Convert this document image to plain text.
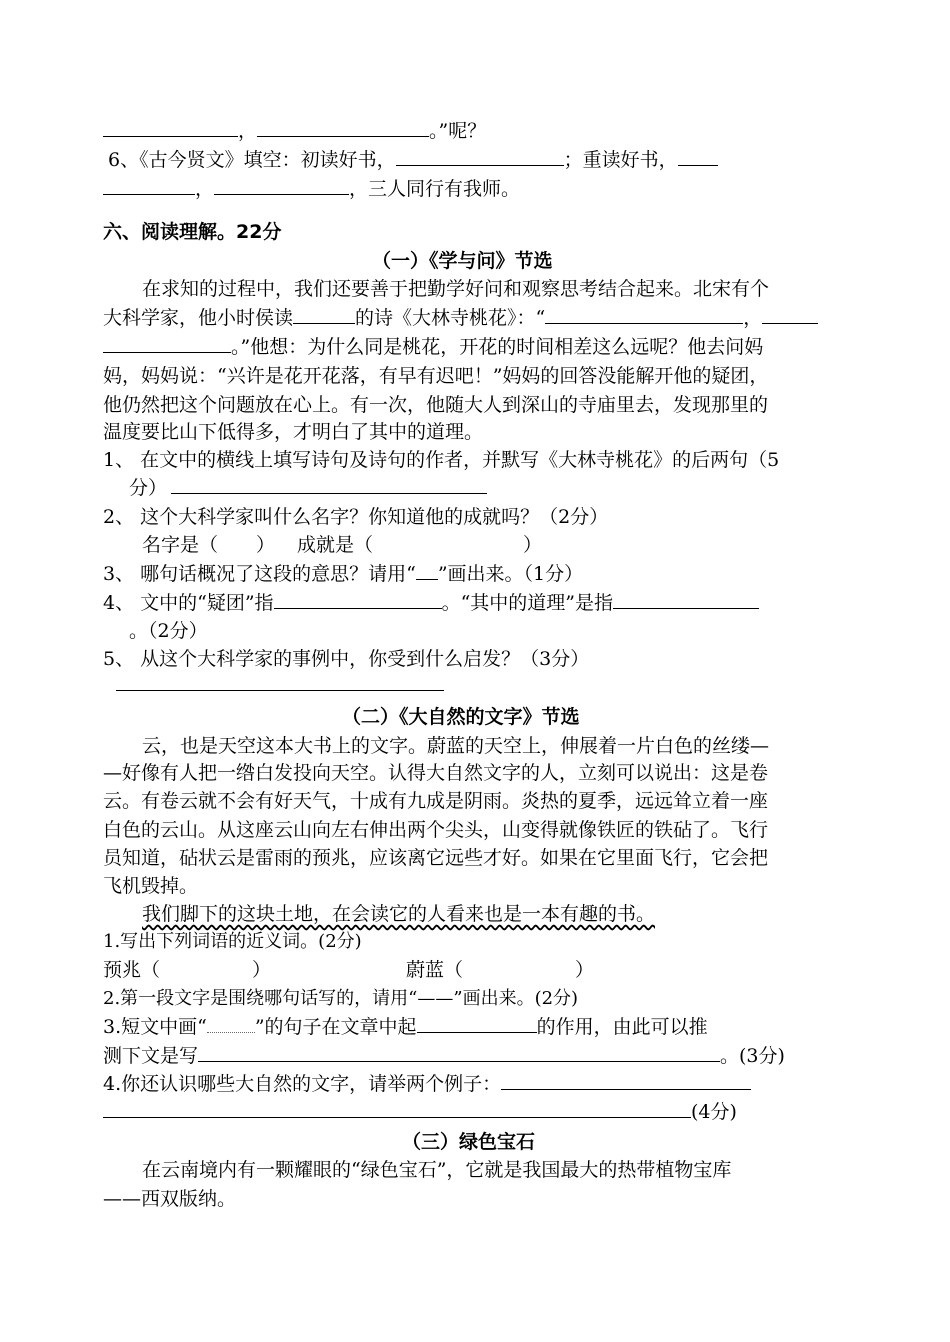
，	。”呢？
6、《古今贤文》填空：初读好书，	；重读好书，
，	，三人同行有我师。
六、阅读理解。22分
（一）《学与问》节选
在求知的过程中，我们还要善于把勤学好问和观察思考结合起来。北宋有个
大科学家，他小时侯读	的诗《大林寺桃花》：“	，
。”他想：为什么同是桃花，开花的时间相差这么远呢？他去问妈
妈，妈妈说：“兴许是花开花落，有早有迟吧！”妈妈的回答没能解开他的疑团，
他仍然把这个问题放在心上。有一次，他随大人到深山的寺庙里去，发现那里的
温度要比山下低得多，才明白了其中的道理。
1、 在文中的横线上填写诗句及诗句的作者，并默写《大林寺桃花》的后两句（5
分）
2、 这个大科学家叫什么名字？你知道他的成就吗？（2分）
名字是（　　） 成就是（	）
3、 哪句话概况了这段的意思？请用“ ”画出来。（1分）
4、 文中的“疑团”指	。“其中的道理”是指
。（2分）
5、 从这个大科学家的事例中，你受到什么启发？（3分）
（二）《大自然的文字》节选
云，也是天空这本大书上的文字。蔚蓝的天空上，伸展着一片白色的丝缕—
—好像有人把一绺白发投向天空。认得大自然文字的人，立刻可以说出：这是卷
云。有卷云就不会有好天气，十成有九成是阴雨。炎热的夏季，远远耸立着一座
白色的云山。从这座云山向左右伸出两个尖头，山变得就像铁匠的铁砧了。飞行
员知道，砧状云是雷雨的预兆，应该离它远些才好。如果在它里面飞行，它会把
飞机毁掉。
我们脚下的这块土地，在会读它的人看来也是一本有趣的书。
1.写出下列词语的近义词。(2分)
预兆（	）	蔚蓝（	）
2.第一段文字是围绕哪句话写的，请用“——”画出来。(2分)
3.短文中画“	”的句子在文章中起	的作用，由此可以推
测下文是写	。(3分)
4.你还认识哪些大自然的文字，请举两个例子：
(4分)
（三）绿色宝石
在云南境内有一颗耀眼的“绿色宝石”，它就是我国最大的热带植物宝库
——西双版纳。
